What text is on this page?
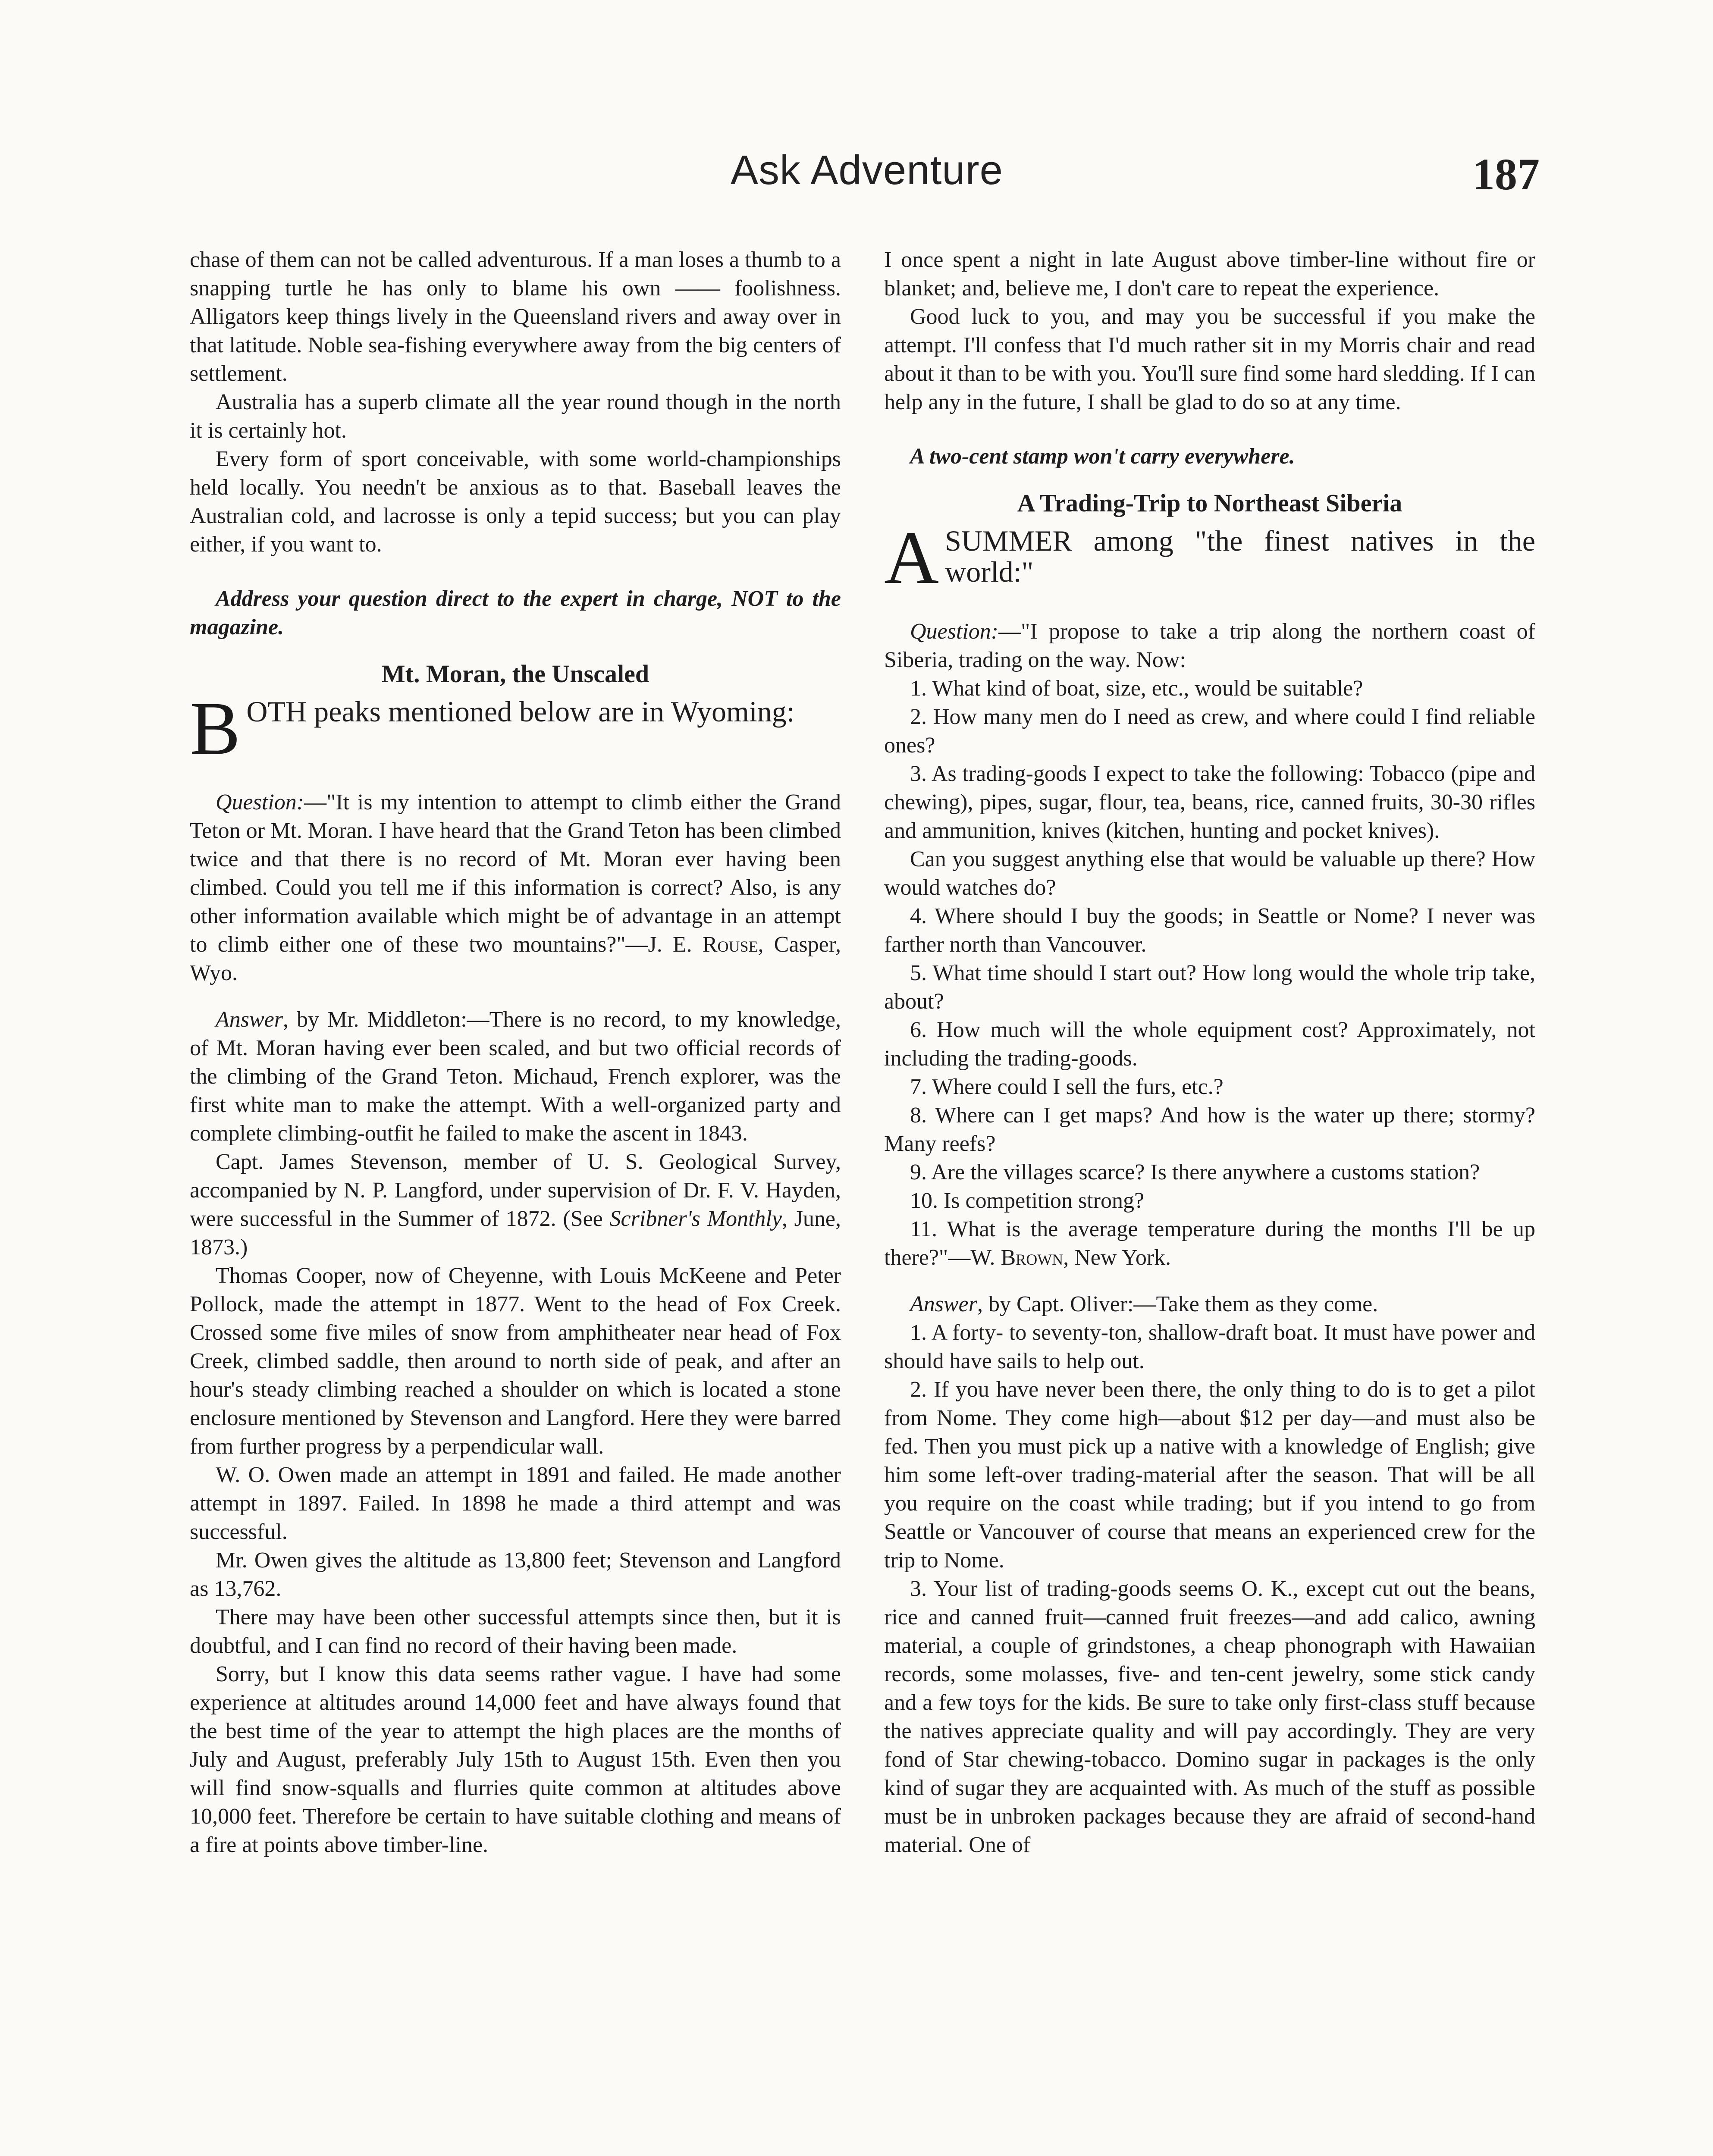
Ask Adventure	187

chase of them can not be called adventurous. If a man loses a thumb to a snapping turtle he has only to blame his own —— foolishness. Alligators keep things lively in the Queensland rivers and away over in that latitude. Noble sea-fishing everywhere away from the big centers of settlement.

Australia has a superb climate all the year round though in the north it is certainly hot.

Every form of sport conceivable, with some world-championships held locally. You needn't be anxious as to that. Baseball leaves the Australian cold, and lacrosse is only a tepid success; but you can play either, if you want to.

Address your question direct to the expert in charge, NOT to the magazine.

Mt. Moran, the Unscaled
B OTH peaks mentioned below are in Wyoming:

Question:—"It is my intention to attempt to climb either the Grand Teton or Mt. Moran. I have heard that the Grand Teton has been climbed twice and that there is no record of Mt. Moran ever having been climbed. Could you tell me if this information is correct? Also, is any other information available which might be of advantage in an attempt to climb either one of these two mountains?"—J. E. Rouse, Casper, Wyo.

Answer, by Mr. Middleton:—There is no record, to my knowledge, of Mt. Moran having ever been scaled, and but two official records of the climbing of the Grand Teton. Michaud, French explorer, was the first white man to make the attempt. With a well-organized party and complete climbing-outfit he failed to make the ascent in 1843.

Capt. James Stevenson, member of U. S. Geological Survey, accompanied by N. P. Langford, under supervision of Dr. F. V. Hayden, were successful in the Summer of 1872. (See Scribner's Monthly, June, 1873.)

Thomas Cooper, now of Cheyenne, with Louis McKeene and Peter Pollock, made the attempt in 1877. Went to the head of Fox Creek. Crossed some five miles of snow from amphitheater near head of Fox Creek, climbed saddle, then around to north side of peak, and after an hour's steady climbing reached a shoulder on which is located a stone enclosure mentioned by Stevenson and Langford. Here they were barred from further progress by a perpendicular wall.

W. O. Owen made an attempt in 1891 and failed. He made another attempt in 1897. Failed. In 1898 he made a third attempt and was successful.

Mr. Owen gives the altitude as 13,800 feet; Stevenson and Langford as 13,762.

There may have been other successful attempts since then, but it is doubtful, and I can find no record of their having been made.

Sorry, but I know this data seems rather vague. I have had some experience at altitudes around 14,000 feet and have always found that the best time of the year to attempt the high places are the months of July and August, preferably July 15th to August 15th. Even then you will find snow-squalls and flurries quite common at altitudes above 10,000 feet. Therefore be certain to have suitable clothing and means of a fire at points above timber-line.

I once spent a night in late August above timber-line without fire or blanket; and, believe me, I don't care to repeat the experience.

Good luck to you, and may you be successful if you make the attempt. I'll confess that I'd much rather sit in my Morris chair and read about it than to be with you. You'll sure find some hard sledding. If I can help any in the future, I shall be glad to do so at any time.

A two-cent stamp won't carry everywhere.

A Trading-Trip to Northeast Siberia
A SUMMER among "the finest natives in the world:"

Question:—"I propose to take a trip along the northern coast of Siberia, trading on the way. Now:

1. What kind of boat, size, etc., would be suitable?

2. How many men do I need as crew, and where could I find reliable ones?

3. As trading-goods I expect to take the following: Tobacco (pipe and chewing), pipes, sugar, flour, tea, beans, rice, canned fruits, 30-30 rifles and ammunition, knives (kitchen, hunting and pocket knives).

Can you suggest anything else that would be valuable up there? How would watches do?

4. Where should I buy the goods; in Seattle or Nome? I never was farther north than Vancouver.

5. What time should I start out? How long would the whole trip take, about?

6. How much will the whole equipment cost? Approximately, not including the trading-goods.

7. Where could I sell the furs, etc.?

8. Where can I get maps? And how is the water up there; stormy? Many reefs?

9. Are the villages scarce? Is there anywhere a customs station?

10. Is competition strong?

11. What is the average temperature during the months I'll be up there?"—W. Brown, New York.

Answer, by Capt. Oliver:—Take them as they come.

1. A forty- to seventy-ton, shallow-draft boat. It must have power and should have sails to help out.

2. If you have never been there, the only thing to do is to get a pilot from Nome. They come high—about $12 per day—and must also be fed. Then you must pick up a native with a knowledge of English; give him some left-over trading-material after the season. That will be all you require on the coast while trading; but if you intend to go from Seattle or Vancouver of course that means an experienced crew for the trip to Nome.

3. Your list of trading-goods seems O. K., except cut out the beans, rice and canned fruit—canned fruit freezes—and add calico, awning material, a couple of grindstones, a cheap phonograph with Hawaiian records, some molasses, five- and ten-cent jewelry, some stick candy and a few toys for the kids. Be sure to take only first-class stuff because the natives appreciate quality and will pay accordingly. They are very fond of Star chewing-tobacco. Domino sugar in packages is the only kind of sugar they are acquainted with. As much of the stuff as possible must be in unbroken packages because they are afraid of second-hand material. One of
